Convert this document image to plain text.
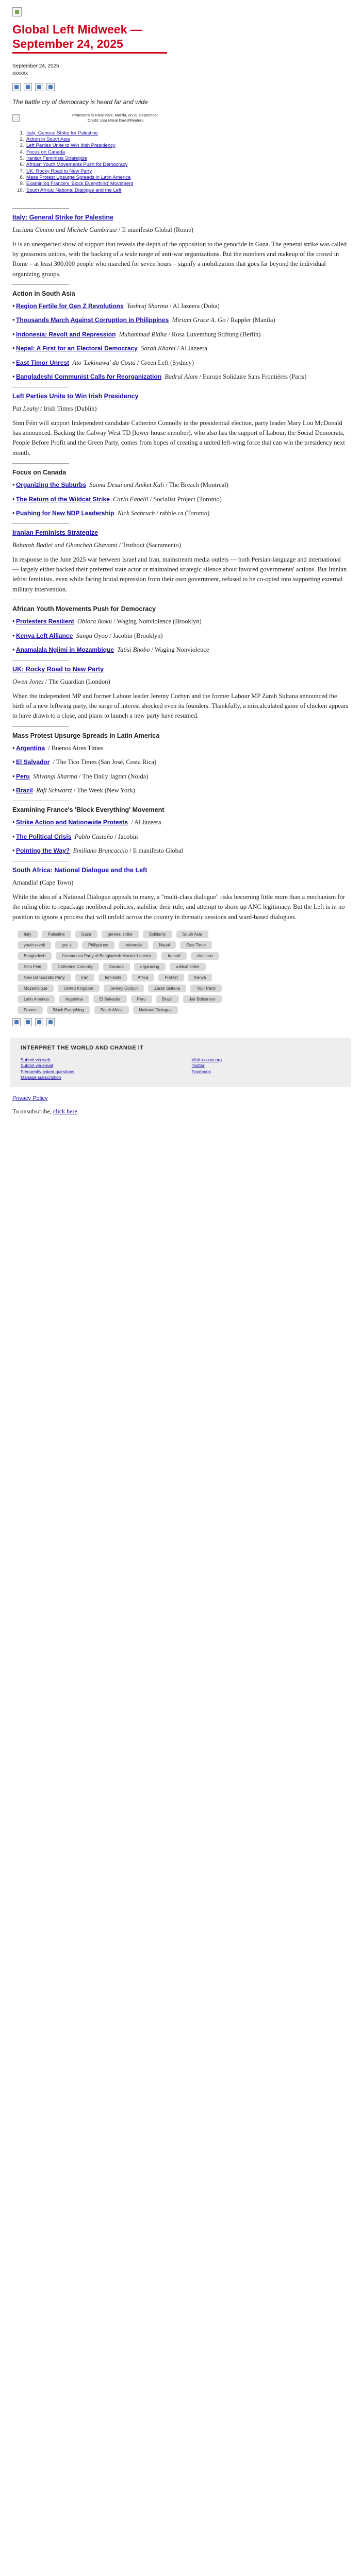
Global Left Midweek — September 24, 2025
September 24, 2025
xxxxxx

The battle cry of democracy is heard far and wide

Protesters in Rizal Park, Manila, on 21 September.
Credit: Lisa Marie David/Reuters
1. Italy: General Strike for Palestine
2. Action in South Asia
3. Left Parties Unite to Win Irish Presidency
4. Focus on Canada
5. Iranian Feminists Strategize
6. African Youth Movements Push for Democracy
7. UK: Rocky Road to New Party
8. Mass Protest Upsurge Spreads in Latin America
9. Examining France's 'Block Everything' Movement
10. South Africa: National Dialogue and the Left
Italy: General Strike for Palestine
Luciana Cimino and Michele Gambirasi / Il manifesto Global (Rome)

It is an unexpected show of support that reveals the depth of the opposition to the genocide in Gaza. The general strike was called by grassroots unions, with the backing of a wide range of anti-war organizations. But the numbers and makeup of the crowd in Rome – at least 300,000 people who marched for seven hours – signify a mobilization that goes far beyond the individual organizing groups.

Action in South Asia
• Region Fertile for Gen Z Revolutions Yashraj Sharma / Al Jazeera (Doha)
• Thousands March Against Corruption in Philippines Miriam Grace A. Go / Rappler (Manila)
• Indonesia: Revolt and Repression Muhammad Ridha / Rosa Luxemburg Stiftung (Berlin)
• Nepal: A First for an Electoral Democracy Sarah Kharel / Al Jazeera
• East Timor Unrest Ato 'Lekinawa' da Costa / Green Left (Sydney)
• Bangladeshi Communist Calls for Reorganization Badrul Alam / Europe Solidaire Sans Frontières (Paris)
Left Parties Unite to Win Irish Presidency
Pat Leahy / Irish Times (Dublin)

Sinn Féin will support Independent candidate Catherine Connolly in the presidential election, party leader Mary Lou McDonald has announced. Backing the Galway West TD [lower house member], who also has the support of Labour, the Social Democrats, People Before Profit and the Green Party, comes from hopes of creating a united left-wing force that can win the presidency next month.

Focus on Canada
• Organizing the Suburbs Saima Desai and Aniket Kali / The Breach (Montreal)
• The Return of the Wildcat Strike Carlo Fanelli / Socialist Project (Toronto)
• Pushing for New NDP Leadership Nick Seebruch / rabble.ca (Toronto)
Iranian Feminists Strategize
Bahareh Badiei and Ghoncheh Ghavami / Truthout (Sacramento)

In response to the June 2025 war between Israel and Iran, mainstream media outlets — both Persian-language and international — largely either backed their preferred state actor or maintained strategic silence about favored governments' actions. But Iranian leftist feminists, even while facing brutal repression from their own government, refused to be co-opted into supporting external military intervention.

African Youth Movements Push for Democracy
• Protesters Resilient Obiora Ikoku / Waging Nonviolence (Brooklyn)
• Kenya Left Alliance Sungu Oyoo / Jacobin (Brooklyn)
• Anamalala Ngiimi in Mozambique Tatisi Bhobo / Waging Nonviolence
UK: Rocky Road to New Party
Owen Jones / The Guardian (London)

When the independent MP and former Labour leader Jeremy Corbyn and the former Labour MP Zarah Sultana announced the birth of a new leftwing party, the surge of interest shocked even its founders. Thankfully, a miscalculated game of chicken appears to have drawn to a close, and plans to launch a new party have resumed.

Mass Protest Upsurge Spreads in Latin America
• Argentina  / Buenos Aires Times
• El Salvador  / The Tico Times (San José, Costa Rica)
• Peru Shivangi Sharma / The Daily Jagran (Noida)
• Brazil Rafi Schwartz / The Week (New York)
Examining France's 'Block Everything' Movement
• Strike Action and Nationwide Protests  / Al Jazeera
• The Political Crisis Pablo Castaño / Jacobin
• Pointing the Way? Emiliano Brancaccio / Il manifesto Global
South Africa: National Dialogue and the Left
Amandla! (Cape Town)

While the idea of a National Dialogue appeals to many, a "multi-class dialogue" risks becoming little more than a mechanism for the ruling elite to repackage neoliberal policies, stabilise their rule, and attempt to shore up ANC legitimacy. But the Left is in no position to ignore a process that will unfold across the country in thematic sessions and ward-based dialogues.

Italy	Palestine	Gaza	general strike	Solidarity	South Asia
youth revolt	gen z	Philippines	Indonesia	Nepal	East Timor
Bangladesh	Communist Party of Bangladesh Marxist-Leninist	Ireland	elections
Sinn Fein	Catherine Connolly	Canada	organizing	wildcat strike
New Democratic Party	Iran	feminists	Africa	Protest	Kenya
Mozambique	United Kingdom	Jeremy Corbyn	Zarah Sultana	Your Party
Latin America	Argentina	El Salvador	Peru	Brazil	Jair Bolsonaro
France	Block Everything	South Africa	National Dialogue
INTERPRET THE WORLD AND CHANGE IT
Submit via web
Submit via email
Frequently asked questions
Manage subscription
Visit xxxxxx.org
Twitter
Facebook
Privacy Policy
To unsubscribe, click here.
